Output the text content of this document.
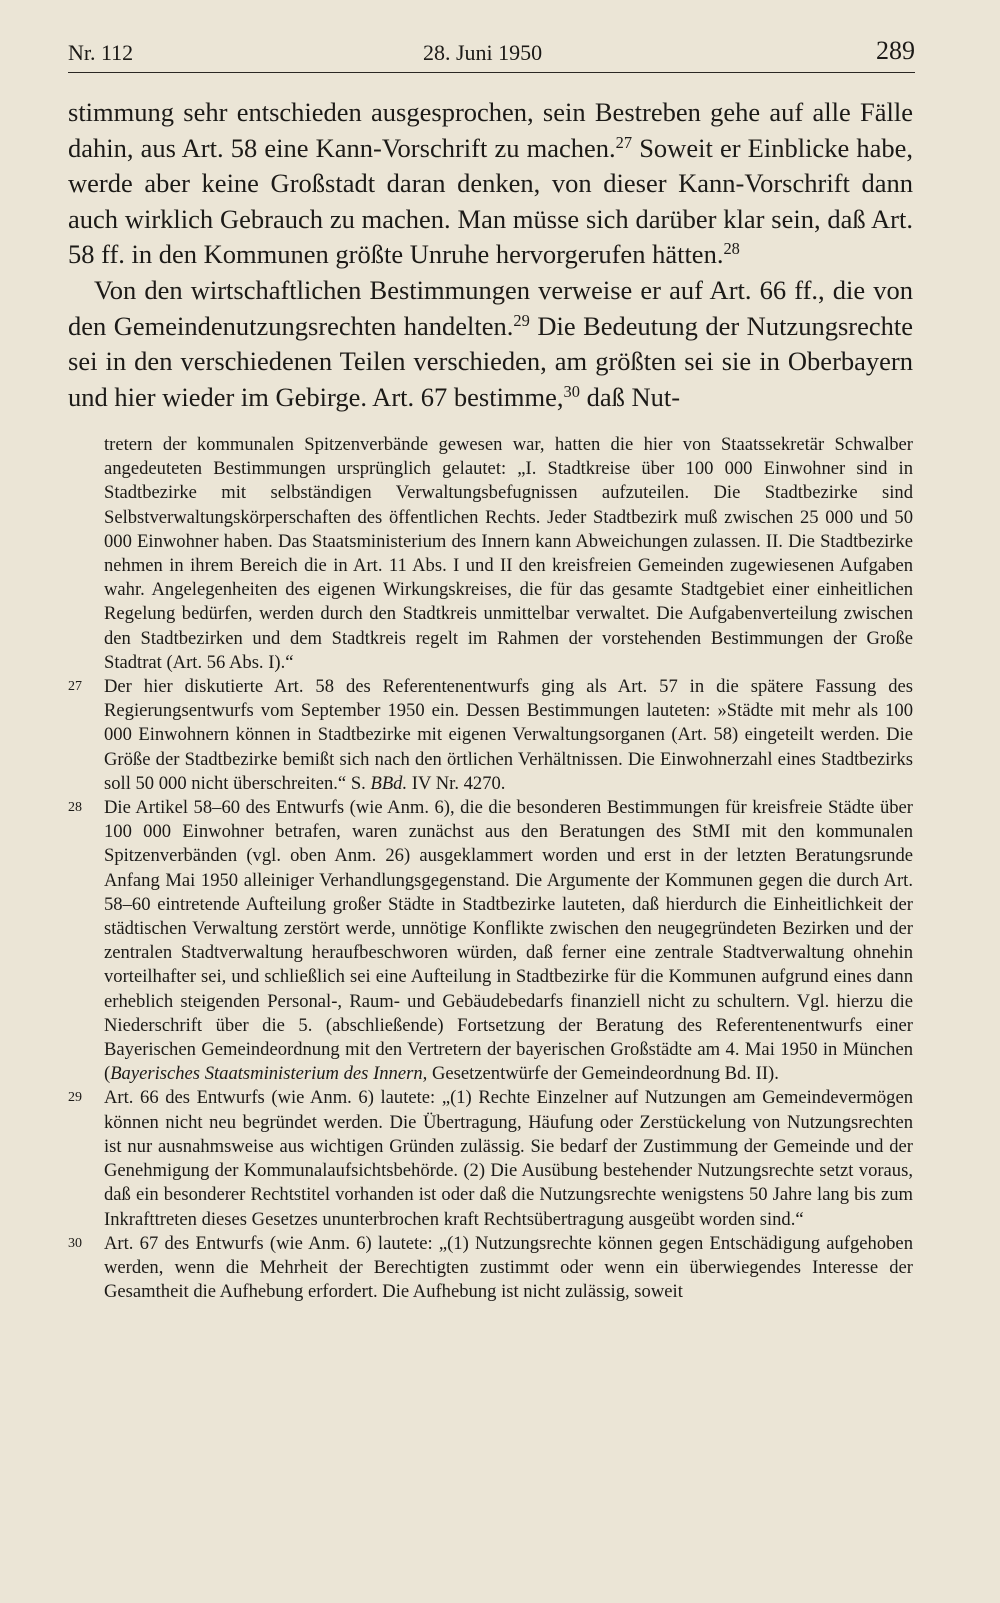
Nr. 112	28. Juni 1950	289

stimmung sehr entschieden ausgesprochen, sein Bestreben gehe auf alle Fälle dahin, aus Art. 58 eine Kann-Vorschrift zu machen.$^{27}$ Soweit er Einblicke habe, werde aber keine Großstadt daran denken, von dieser Kann-Vorschrift dann auch wirklich Gebrauch zu machen. Man müsse sich darüber klar sein, daß Art. 58 ff. in den Kommunen größte Unruhe hervorgerufen hätten.$^{28}$

Von den wirtschaftlichen Bestimmungen verweise er auf Art. 66 ff., die von den Gemeindenutzungsrechten handelten.$^{29}$ Die Bedeutung der Nutzungsrechte sei in den verschiedenen Teilen verschieden, am größten sei sie in Oberbayern und hier wieder im Gebirge. Art. 67 bestimme,$^{30}$ daß Nut-

tretern der kommunalen Spitzenverbände gewesen war, hatten die hier von Staatssekretär Schwalber angedeuteten Bestimmungen ursprünglich gelautet: „I. Stadtkreise über 100 000 Einwohner sind in Stadtbezirke mit selbständigen Verwaltungsbefugnissen aufzuteilen. Die Stadtbezirke sind Selbstverwaltungskörperschaften des öffentlichen Rechts. Jeder Stadtbezirk muß zwischen 25 000 und 50 000 Einwohner haben. Das Staatsministerium des Innern kann Abweichungen zulassen. II. Die Stadtbezirke nehmen in ihrem Bereich die in Art. 11 Abs. I und II den kreisfreien Gemeinden zugewiesenen Aufgaben wahr. Angelegenheiten des eigenen Wirkungskreises, die für das gesamte Stadtgebiet einer einheitlichen Regelung bedürfen, werden durch den Stadtkreis unmittelbar verwaltet. Die Aufgabenverteilung zwischen den Stadtbezirken und dem Stadtkreis regelt im Rahmen der vorstehenden Bestimmungen der Große Stadtrat (Art. 56 Abs. I).“

27 Der hier diskutierte Art. 58 des Referentenentwurfs ging als Art. 57 in die spätere Fassung des Regierungsentwurfs vom September 1950 ein. Dessen Bestimmungen lauteten: »Städte mit mehr als 100 000 Einwohnern können in Stadtbezirke mit eigenen Verwaltungsorganen (Art. 58) eingeteilt werden. Die Größe der Stadtbezirke bemißt sich nach den örtlichen Verhältnissen. Die Einwohnerzahl eines Stadtbezirks soll 50 000 nicht überschreiten.“ S. BBd. IV Nr. 4270.

28 Die Artikel 58–60 des Entwurfs (wie Anm. 6), die die besonderen Bestimmungen für kreisfreie Städte über 100 000 Einwohner betrafen, waren zunächst aus den Beratungen des StMI mit den kommunalen Spitzenverbänden (vgl. oben Anm. 26) ausgeklammert worden und erst in der letzten Beratungsrunde Anfang Mai 1950 alleiniger Verhandlungsgegenstand. Die Argumente der Kommunen gegen die durch Art. 58–60 eintretende Aufteilung großer Städte in Stadtbezirke lauteten, daß hierdurch die Einheitlichkeit der städtischen Verwaltung zerstört werde, unnötige Konflikte zwischen den neugegründeten Bezirken und der zentralen Stadtverwaltung heraufbeschworen würden, daß ferner eine zentrale Stadtverwaltung ohnehin vorteilhafter sei, und schließlich sei eine Aufteilung in Stadtbezirke für die Kommunen aufgrund eines dann erheblich steigenden Personal-, Raum- und Gebäudebedarfs finanziell nicht zu schultern. Vgl. hierzu die Niederschrift über die 5. (abschließende) Fortsetzung der Beratung des Referentenentwurfs einer Bayerischen Gemeindeordnung mit den Vertretern der bayerischen Großstädte am 4. Mai 1950 in München (Bayerisches Staatsministerium des Innern, Gesetzentwürfe der Gemeindeordnung Bd. II).

29 Art. 66 des Entwurfs (wie Anm. 6) lautete: „(1) Rechte Einzelner auf Nutzungen am Gemeindevermögen können nicht neu begründet werden. Die Übertragung, Häufung oder Zerstückelung von Nutzungsrechten ist nur ausnahmsweise aus wichtigen Gründen zulässig. Sie bedarf der Zustimmung der Gemeinde und der Genehmigung der Kommunalaufsichtsbehörde. (2) Die Ausübung bestehender Nutzungsrechte setzt voraus, daß ein besonderer Rechtstitel vorhanden ist oder daß die Nutzungsrechte wenigstens 50 Jahre lang bis zum Inkrafttreten dieses Gesetzes ununterbrochen kraft Rechtsübertragung ausgeübt worden sind.“

30 Art. 67 des Entwurfs (wie Anm. 6) lautete: „(1) Nutzungsrechte können gegen Entschädigung aufgehoben werden, wenn die Mehrheit der Berechtigten zustimmt oder wenn ein überwiegendes Interesse der Gesamtheit die Aufhebung erfordert. Die Aufhebung ist nicht zulässig, soweit
